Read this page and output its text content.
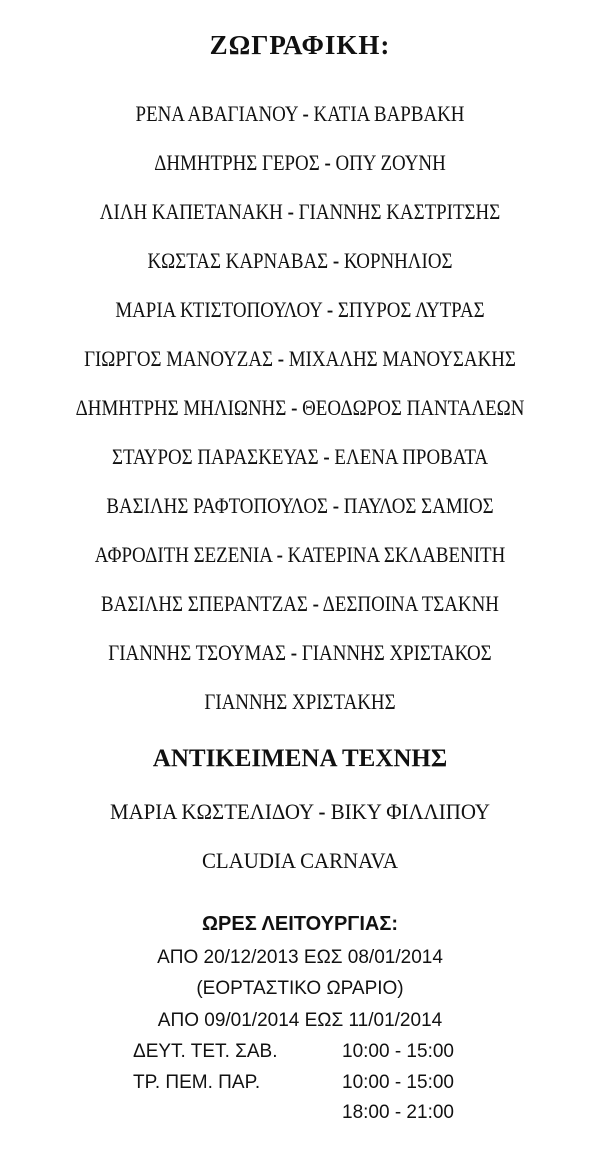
ΖΩΓΡΑΦΙΚΗ:
ΡΕΝΑ ΑΒΑΓΙΑΝΟΥ - ΚΑΤΙΑ ΒΑΡΒΑΚΗ
ΔΗΜΗΤΡΗΣ ΓΕΡΟΣ - ΟΠΥ ΖΟΥΝΗ
ΛΙΛΗ ΚΑΠΕΤΑΝΑΚΗ - ΓΙΑΝΝΗΣ ΚΑΣΤΡΙΤΣΗΣ
ΚΩΣΤΑΣ ΚΑΡΝΑΒΑΣ - ΚΟΡΝΗΛΙΟΣ
ΜΑΡΙΑ ΚΤΙΣΤΟΠΟΥΛΟΥ - ΣΠΥΡΟΣ ΛΥΤΡΑΣ
ΓΙΩΡΓΟΣ ΜΑΝΟΥΖΑΣ - ΜΙΧΑΛΗΣ ΜΑΝΟΥΣΑΚΗΣ
ΔΗΜΗΤΡΗΣ ΜΗΛΙΩΝΗΣ - ΘΕΟΔΩΡΟΣ ΠΑΝΤΑΛΕΩΝ
ΣΤΑΥΡΟΣ ΠΑΡΑΣΚΕΥΑΣ - ΕΛΕΝΑ ΠΡΟΒΑΤΑ
ΒΑΣΙΛΗΣ ΡΑΦΤΟΠΟΥΛΟΣ - ΠΑΥΛΟΣ ΣΑΜΙΟΣ
ΑΦΡΟΔΙΤΗ ΣΕΖΕΝΙΑ - ΚΑΤΕΡΙΝΑ ΣΚΛΑΒΕΝΙΤΗ
ΒΑΣΙΛΗΣ ΣΠΕΡΑΝΤΖΑΣ - ΔΕΣΠΟΙΝΑ ΤΣΑΚΝΗ
ΓΙΑΝΝΗΣ ΤΣΟΥΜΑΣ - ΓΙΑΝΝΗΣ ΧΡΙΣΤΑΚΟΣ
ΓΙΑΝΝΗΣ ΧΡΙΣΤΑΚΗΣ
ΑΝΤΙΚΕΙΜΕΝΑ ΤΕΧΝΗΣ
ΜΑΡΙΑ ΚΩΣΤΕΛΙΔΟΥ - ΒΙΚΥ ΦΙΛΛΙΠΟΥ
CLAUDIA CARNAVA
ΩΡΕΣ ΛΕΙΤΟΥΡΓΙΑΣ:
ΑΠΟ 20/12/2013 ΕΩΣ 08/01/2014
(ΕΟΡΤΑΣΤΙΚΟ ΩΡΑΡΙΟ)
ΑΠΟ 09/01/2014 ΕΩΣ 11/01/2014
ΔΕΥΤ. ΤΕΤ. ΣΑΒ.	10:00 - 15:00
ΤΡ. ΠΕΜ. ΠΑΡ.	10:00 - 15:00
18:00 - 21:00
